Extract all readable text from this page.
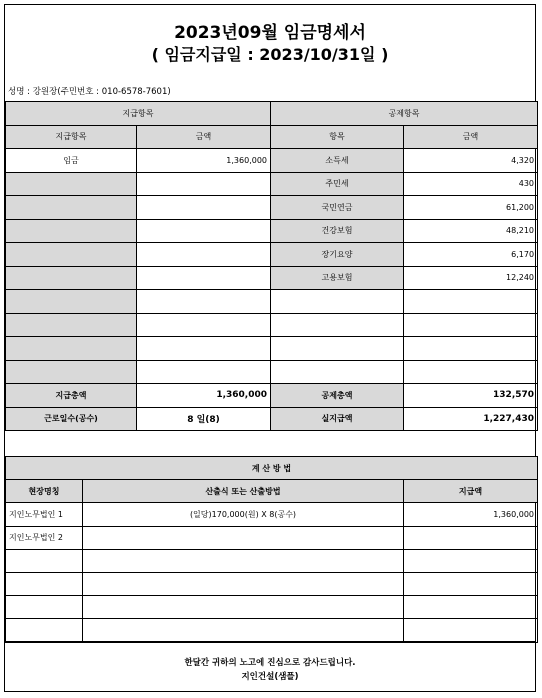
2023년09월 임금명세서
( 임금지급일 : 2023/10/31일 )
성명 : 강원장(주민번호 : 010-6578-7601)
지급항목		공제항목	
지급항목	금액	항목	금액
임금	1,360,000	소득세	4,320
		주민세	430
		국민연금	61,200
		건강보험	48,210
		장기요양	6,170
		고용보험	12,240

지급총액	1,360,000	공제총액	132,570
근로일수(공수)	8 일(8)	실지급액	1,227,430
계 산 방 법		
현장명칭	산출식 또는 산출방법	지급액
지인노무법인 1	(일당)170,000(원) X 8(공수)	1,360,000
지인노무법인 2		

한달간 귀하의 노고에 진심으로 감사드립니다.
지인건설(샘플)
